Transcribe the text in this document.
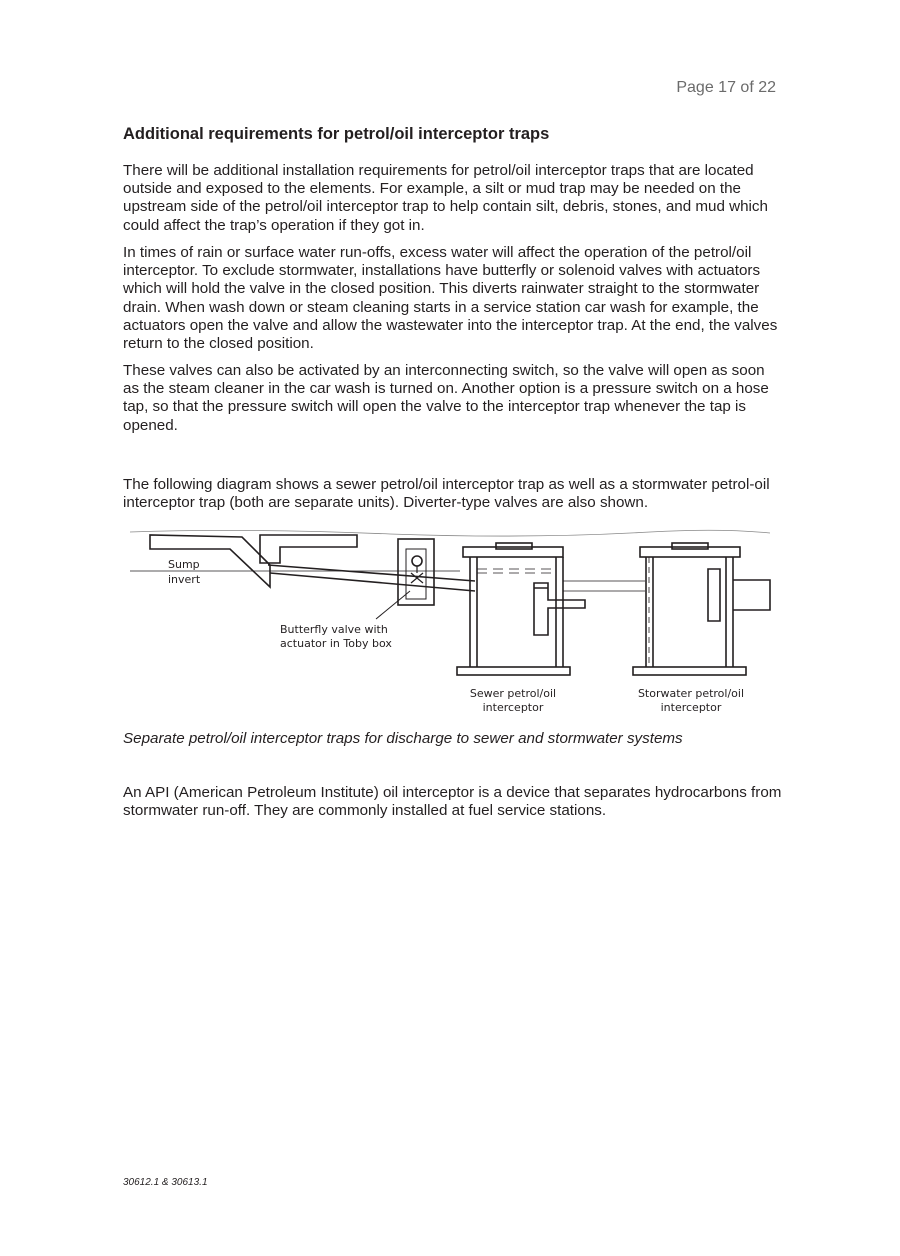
Page 17 of 22
Additional requirements for petrol/oil interceptor traps

There will be additional installation requirements for petrol/oil interceptor traps that are located outside and exposed to the elements. For example, a silt or mud trap may be needed on the upstream side of the petrol/oil interceptor trap to help contain silt, debris, stones, and mud which could affect the trap’s operation if they got in.

In times of rain or surface water run-offs, excess water will affect the operation of the petrol/oil interceptor. To exclude stormwater, installations have butterfly or solenoid valves with actuators which will hold the valve in the closed position. This diverts rainwater straight to the stormwater drain. When wash down or steam cleaning starts in a service station car wash for example, the actuators open the valve and allow the wastewater into the interceptor trap. At the end, the valves return to the closed position.

These valves can also be activated by an interconnecting switch, so the valve will open as soon as the steam cleaner in the car wash is turned on. Another option is a pressure switch on a hose tap, so that the pressure switch will open the valve to the interceptor trap whenever the tap is opened.

The following diagram shows a sewer petrol/oil interceptor trap as well as a stormwater petrol-oil interceptor trap (both are separate units). Diverter-type valves are also shown.

Sump
invert
Butterfly valve with
actuator in Toby box
Sewer petrol/oil
interceptor
Storwater petrol/oil
interceptor

Separate petrol/oil interceptor traps for discharge to sewer and stormwater systems

An API (American Petroleum Institute) oil interceptor is a device that separates hydrocarbons from stormwater run-off. They are commonly installed at fuel service stations.

30612.1 & 30613.1
